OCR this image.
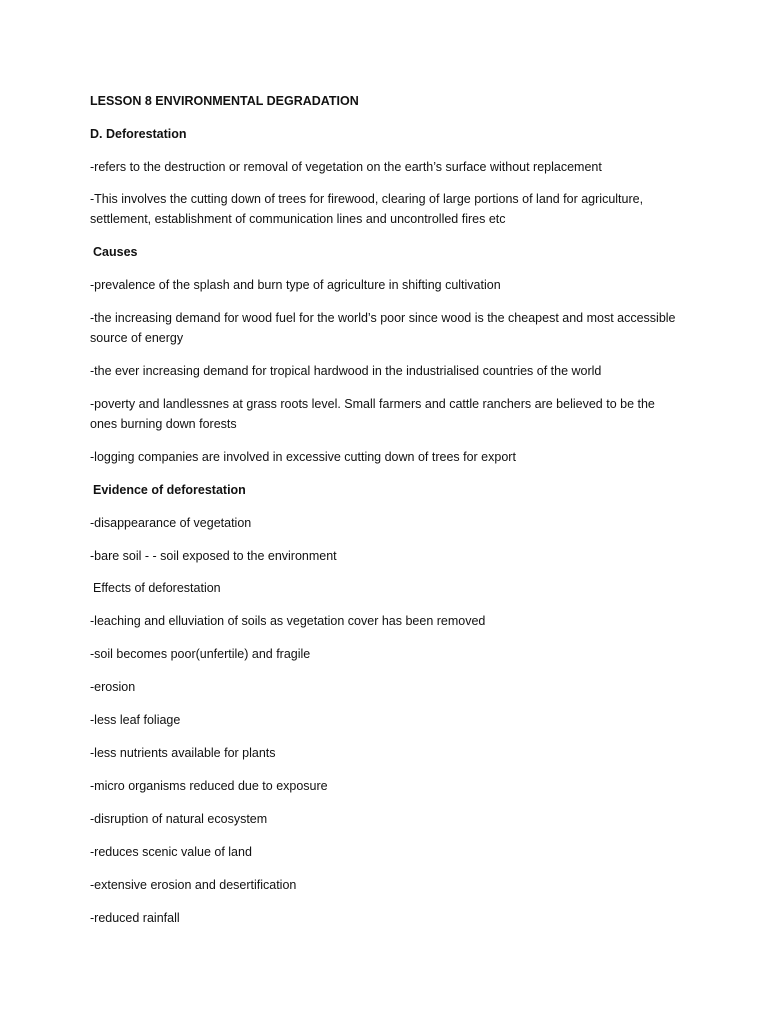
LESSON 8 ENVIRONMENTAL DEGRADATION

D. Deforestation

-refers to the destruction or removal of vegetation on the earth’s surface without replacement

-This involves the cutting down of trees for firewood, clearing of large portions of land for agriculture, settlement, establishment of communication lines and uncontrolled fires etc

Causes

-prevalence of the splash and burn type of agriculture in shifting cultivation

-the increasing demand for wood fuel for the world’s poor since wood is the cheapest and most accessible source of energy

-the ever increasing demand for tropical hardwood in the industrialised countries of the world

-poverty and landlessnes at grass roots level. Small farmers and cattle ranchers are believed to be the ones burning down forests

-logging companies are involved in excessive cutting down of trees for export

Evidence of deforestation

-disappearance of vegetation

-bare soil - - soil exposed to the environment

Effects of deforestation

-leaching and elluviation of soils as vegetation cover has been removed

-soil becomes poor(unfertile) and fragile

-erosion

-less leaf foliage

-less nutrients available for plants

-micro organisms reduced due to exposure

-disruption of natural ecosystem

-reduces scenic value of land

-extensive erosion and desertification

-reduced rainfall
